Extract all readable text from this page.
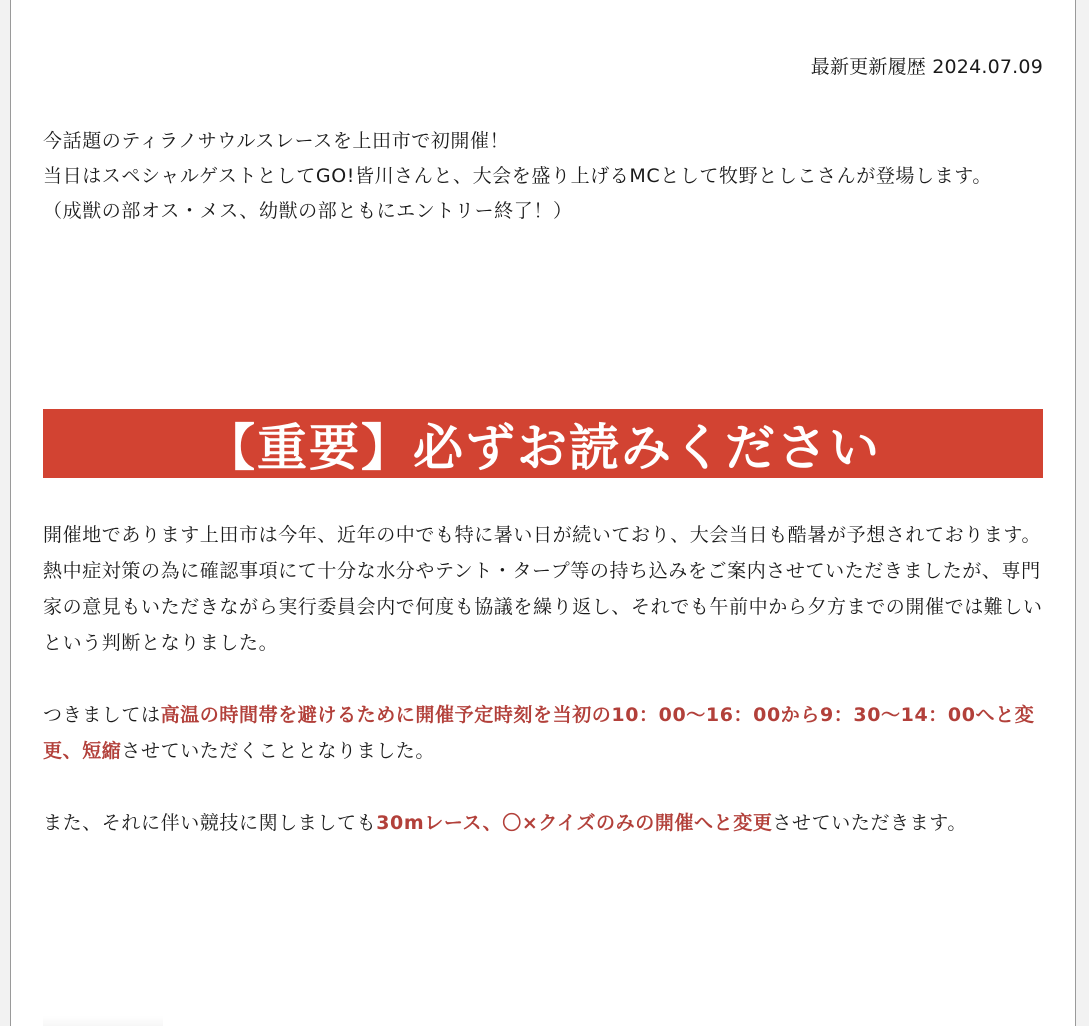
最新更新履歴 2024.07.09

今話題のティラノサウルスレースを上田市で初開催！

当日はスペシャルゲストとしてGO!皆川さんと、大会を盛り上げるMCとして牧野としこさんが登場します。

（成獣の部オス・メス、幼獣の部ともにエントリー終了！）

【重要】必ずお読みください

開催地であります上田市は今年、近年の中でも特に暑い日が続いており、大会当日も酷暑が予想されております。

熱中症対策の為に確認事項にて十分な水分やテント・タープ等の持ち込みをご案内させていただきましたが、専門家の意見もいただきながら実行委員会内で何度も協議を繰り返し、それでも午前中から夕方までの開催では難しいという判断となりました。

つきましては高温の時間帯を避けるために開催予定時刻を当初の10：00〜16：00から9：30〜14：00へと変更、短縮させていただくこととなりました。

また、それに伴い競技に関しましても30mレース、〇×クイズのみの開催へと変更させていただきます。
